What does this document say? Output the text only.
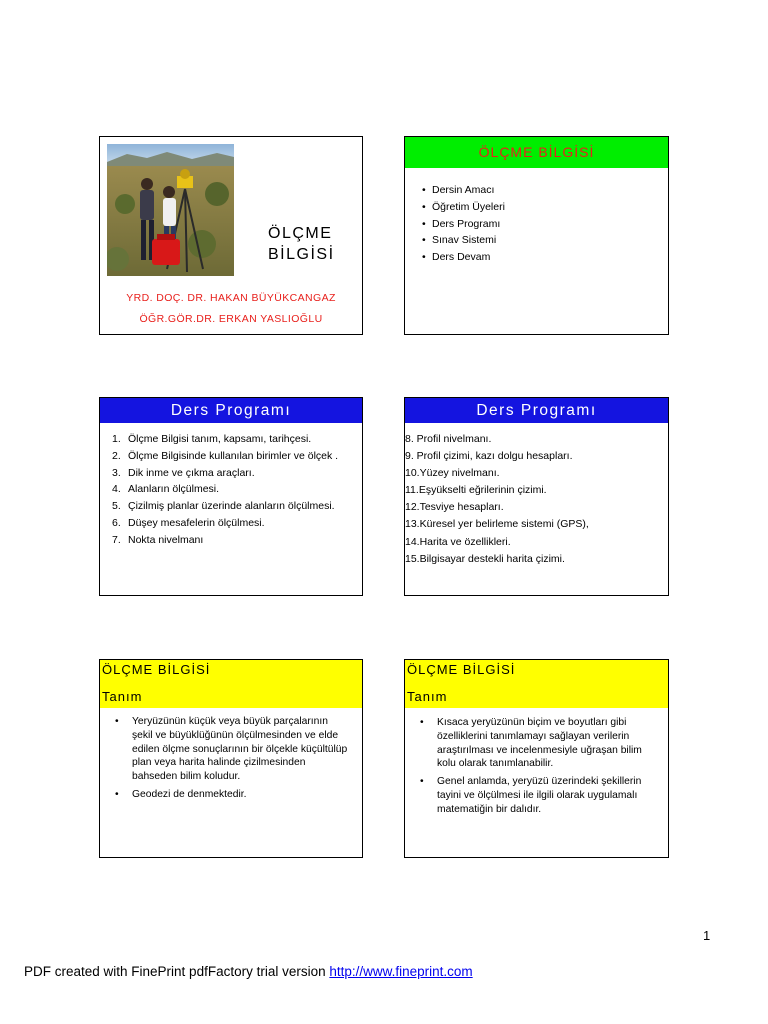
ÖLÇME
BİLGİSİ
YRD. DOÇ. DR. HAKAN BÜYÜKCANGAZ
ÖĞR.GÖR.DR. ERKAN YASLIOĞLU
ÖLÇME BİLGİSİ
• Dersin Amacı
• Öğretim Üyeleri
• Ders Programı
• Sınav Sistemi
• Ders Devam
Ders Programı
1. Ölçme Bilgisi tanım, kapsamı, tarihçesi.
2. Ölçme Bilgisinde kullanılan birimler ve ölçek .
3. Dik inme ve çıkma araçları.
4. Alanların ölçülmesi.
5. Çizilmiş planlar üzerinde alanların ölçülmesi.
6. Düşey mesafelerin ölçülmesi.
7. Nokta nivelmanı
Ders Programı
8. Profil nivelmanı.
9. Profil çizimi, kazı dolgu hesapları.
10.Yüzey nivelmanı.
11.Eşyükselti eğrilerinin çizimi.
12.Tesviye hesapları.
13.Küresel yer belirleme sistemi (GPS),
14.Harita ve özellikleri.
15.Bilgisayar destekli harita çizimi.
ÖLÇME BİLGİSİ
Tanım
• Yeryüzünün küçük veya büyük parçalarının şekil ve büyüklüğünün ölçülmesinden ve elde edilen ölçme sonuçlarının bir ölçekle küçültülüp plan veya harita halinde çizilmesinden bahseden bilim koludur.
• Geodezi de denmektedir.
ÖLÇME BİLGİSİ
Tanım
• Kısaca yeryüzünün biçim ve boyutları gibi özelliklerini tanımlamayı sağlayan verilerin araştırılması ve incelenmesiyle uğraşan bilim kolu olarak tanımlanabilir.
• Genel anlamda, yeryüzü üzerindeki şekillerin tayini ve ölçülmesi ile ilgili olarak uygulamalı matematiğin bir dalıdır.
1
PDF created with FinePrint pdfFactory trial version http://www.fineprint.com
